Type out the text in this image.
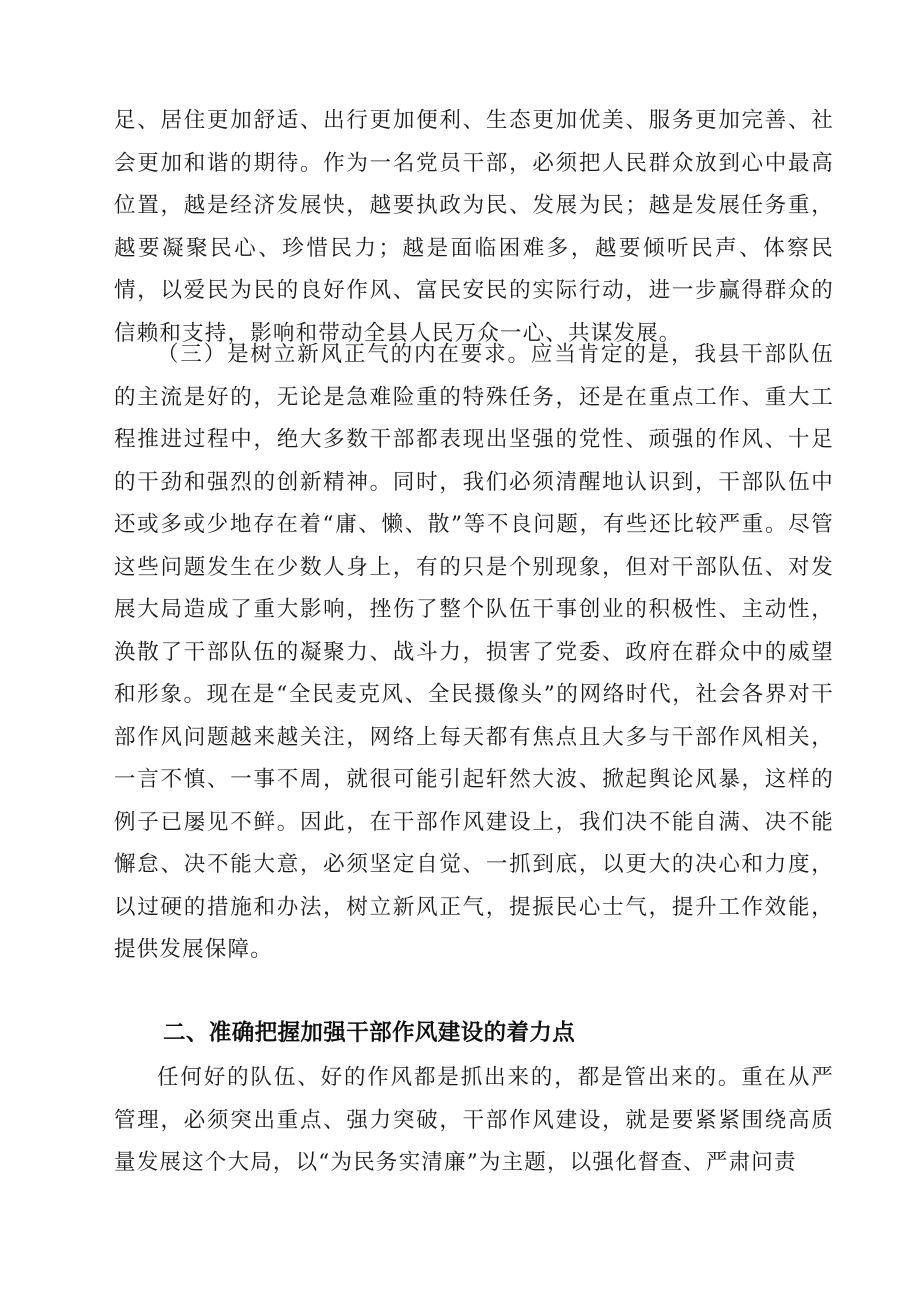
足、居住更加舒适、出行更加便利、生态更加优美、服务更加完善、社会更加和谐的期待。作为一名党员干部，必须把人民群众放到心中最高位置，越是经济发展快，越要执政为民、发展为民；越是发展任务重，越要凝聚民心、珍惜民力；越是面临困难多，越要倾听民声、体察民情，以爱民为民的良好作风、富民安民的实际行动，进一步赢得群众的信赖和支持，影响和带动全县人民万众一心、共谋发展。

（三）是树立新风正气的内在要求。应当肯定的是，我县干部队伍的主流是好的，无论是急难险重的特殊任务，还是在重点工作、重大工程推进过程中，绝大多数干部都表现出坚强的党性、顽强的作风、十足的干劲和强烈的创新精神。同时，我们必须清醒地认识到，干部队伍中还或多或少地存在着“庸、懒、散”等不良问题，有些还比较严重。尽管这些问题发生在少数人身上，有的只是个别现象，但对干部队伍、对发展大局造成了重大影响，挫伤了整个队伍干事创业的积极性、主动性，涣散了干部队伍的凝聚力、战斗力，损害了党委、政府在群众中的威望和形象。现在是“全民麦克风、全民摄像头”的网络时代，社会各界对干部作风问题越来越关注，网络上每天都有焦点且大多与干部作风相关，一言不慎、一事不周，就很可能引起轩然大波、掀起舆论风暴，这样的例子已屡见不鲜。因此，在干部作风建设上，我们决不能自满、决不能懈怠、决不能大意，必须坚定自觉、一抓到底，以更大的决心和力度，以过硬的措施和办法，树立新风正气，提振民心士气，提升工作效能，提供发展保障。

二、准确把握加强干部作风建设的着力点

任何好的队伍、好的作风都是抓出来的，都是管出来的。重在从严管理，必须突出重点、强力突破，干部作风建设，就是要紧紧围绕高质量发展这个大局，以“为民务实清廉”为主题，以强化督查、严肃问责
